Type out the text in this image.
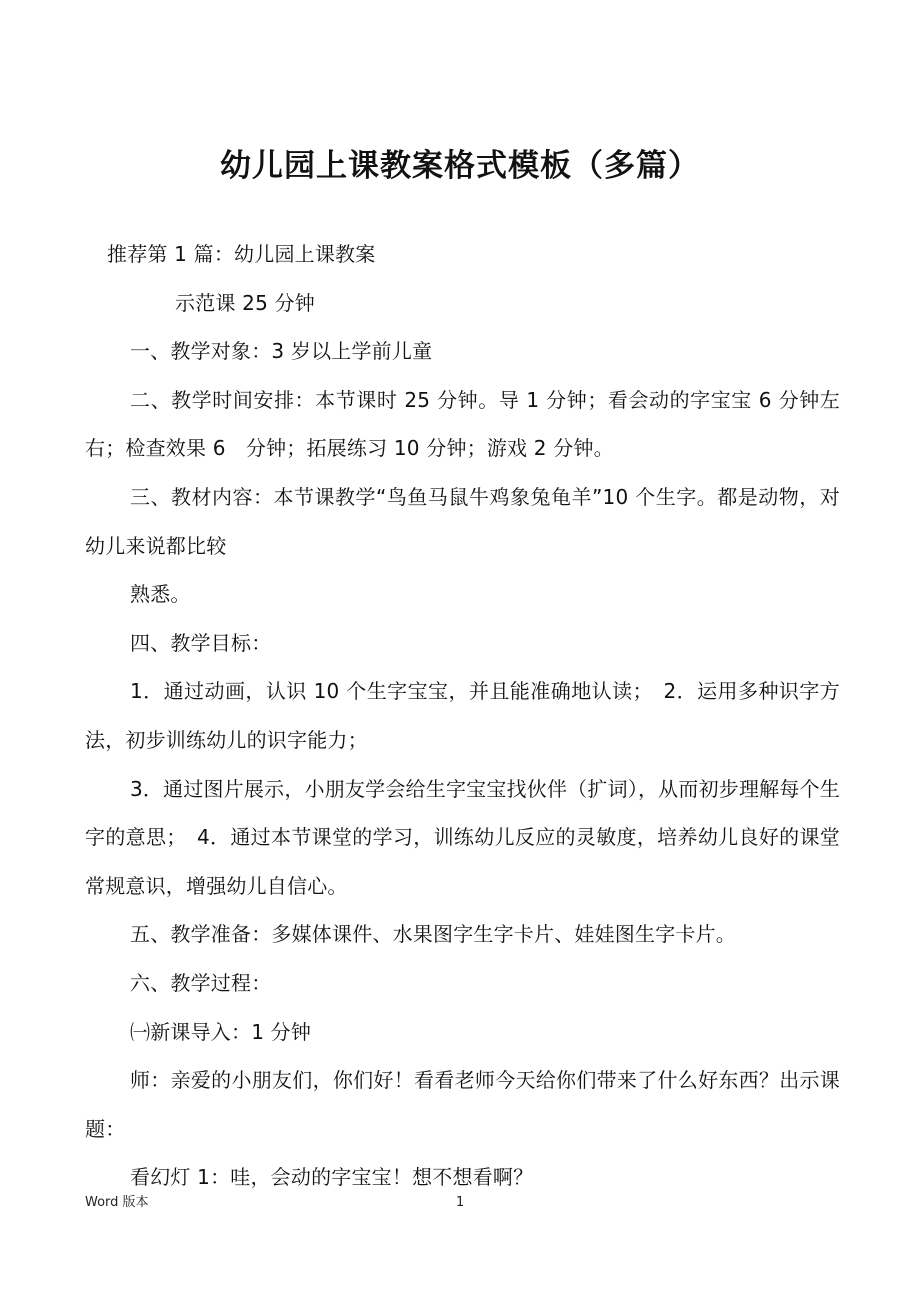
幼儿园上课教案格式模板（多篇）

推荐第 1 篇：幼儿园上课教案

示范课 25 分钟

一、教学对象：3 岁以上学前儿童

二、教学时间安排：本节课时 25 分钟。导 1 分钟；看会动的字宝宝 6 分钟左右；检查效果 6　分钟；拓展练习 10 分钟；游戏 2 分钟。

三、教材内容：本节课教学“鸟鱼马鼠牛鸡象兔龟羊”10 个生字。都是动物，对幼儿来说都比较

熟悉。

四、教学目标：

1．通过动画，认识 10 个生字宝宝，并且能准确地认读；　2．运用多种识字方法，初步训练幼儿的识字能力；

3．通过图片展示，小朋友学会给生字宝宝找伙伴（扩词），从而初步理解每个生字的意思；　4．通过本节课堂的学习，训练幼儿反应的灵敏度，培养幼儿良好的课堂常规意识，增强幼儿自信心。

五、教学准备：多媒体课件、水果图字生字卡片、娃娃图生字卡片。

六、教学过程：

㈠新课导入：1 分钟

师：亲爱的小朋友们，你们好！看看老师今天给你们带来了什么好东西？出示课题：

看幻灯 1：哇，会动的字宝宝！想不想看啊？

Word 版本	1
